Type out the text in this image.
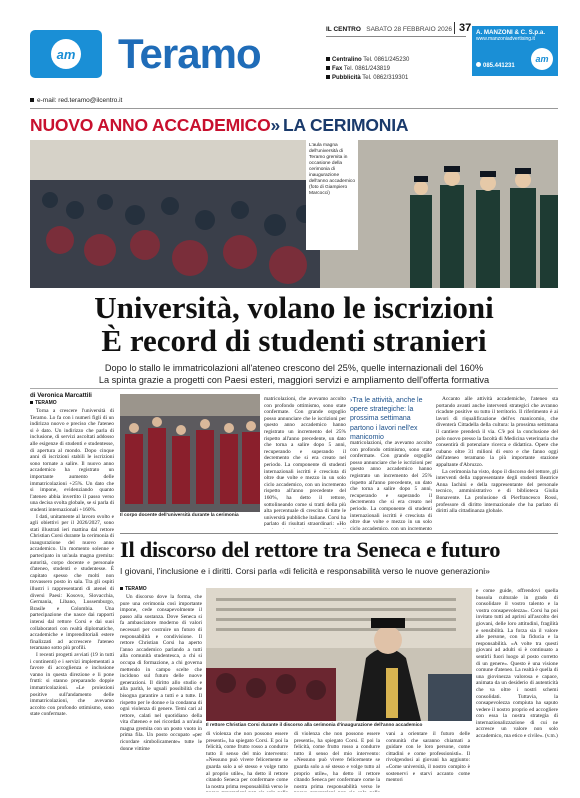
am Teramo
IL CENTRO SABATO 28 FEBBRAIO 2026 37
Centralino Tel. 0861/245230
Fax Tel. 0861/243819
Pubblicità Tel. 0862/319301
A. MANZONI & C. S.p.a.
www.manzoniadvertising.it
am
085.441231
e-mail: red.teramo@ilcentro.it
NUOVO ANNO ACCADEMICO» LA CERIMONIA
L'aula magna dell'università di Teramo gremita in occasione della cerimonia di inaugurazione dell'anno accademico (foto di Giampiero Marcocci)
Università, volano le iscrizioni
È record di studenti stranieri
Dopo lo stallo le immatricolazioni all'ateneo crescono del 25%, quelle internazionali del 160%
La spinta grazie a progetti con Paesi esteri, maggiori servizi e ampliamento dell'offerta formativa
di Veronica Marcattili
TERAMO

Torna a crescere l'università di Teramo. Lo fa con i numeri figli di un indirizzo nuovo e preciso che l'ateneo si è dato. Un indirizzo che parla di inclusione, di servizi ascoltati addosso alle esigenze di studenti e studentesse, di apertura al mondo. Dopo cinque anni di iscrizioni stabili le iscrizioni sono tornate a salire. Il nuovo anno accademico ha registrato un importante aumento delle immatricolazioni +25%. Un dato che si impone, evidenziando quanto l'ateneo abbia invertito il passo verso una decisa svolta globale, se si parla di studenti internazionali +160%.

I dati, unitamente al lavoro svolto e agli obiettivi per il 2026/2027, sono stati illustrati ieri mattina dal rettore Christian Corsi durante la cerimonia di inaugurazione del nuovo anno accademico. Un momento solenne e partecipato in un'aula magna gremita: autorità, corpo docente e personale d'ateneo, studenti e studentesse. È capitato spesso che molti non trovassero posto in sala. Tra gli ospiti illustri i rappresentanti di atenei di diversi Paesi: Kosovo, Slovacchia, Germania, Libano, Lussemburgo, Brasile e Colombia. Una partecipazione che nasce dai rapporti intensi dal rettore Corsi e dai suoi collaboratori con realtà diplomatiche, accademiche e imprenditoriali estere finalizzati ad accrescere l'ateneo teramano sotto più profili.

I recenti progetti avviati (19 in tutti i continenti) e i servizi implementati a favore di accoglienza e inclusione vanno in questa direzione e li pone frutti: si stanno preparando doppie immatricolazioni. «Le proiezioni positive sull'andamento delle immatricolazioni, che avevamo accolto con profondo ottimismo, sono state confermate.

Il corpo docente dell'università durante la cerimonia

matricolazioni, che avevamo accolto con profondo ottimismo, sono state confermate. Con grande orgoglio posso annunciare che le iscrizioni per questo anno accademico hanno registrato un incremento del 25% rispetto all'anno precedente, un dato che torna a salire dopo 5 anni, recuperando e superando il decremento che si era creato nel periodo. La componente di studenti internazionali iscritti è cresciuta di oltre due volte e mezzo in un solo ciclo accademico, con un incremento rispetto all'anno precedente del 160%, ha detto il rettore, sottolineando come si tratti della più alta percentuale di crescita di tutte le università pubbliche italiane. Corsi ha parlato di risultati straordinari: «Ho

›Tra le attività, anche le opere strategiche: la prossima settimana partono i lavori nell'ex manicomio

matricolazioni, che avevamo accolto con profondo ottimismo, sono state confermate. Con grande orgoglio posso annunciare che le iscrizioni per questo anno accademico hanno registrato un incremento del 25% rispetto all'anno precedente, un dato che torna a salire dopo 5 anni, recuperando e superando il decremento che si era creato nel periodo. La componente di studenti internazionali iscritti è cresciuta di oltre due volte e mezzo in un solo ciclo accademico, con un incremento

Accanto alle attività accademiche, l'ateneo sta portando avanti anche interventi strategici che avranno ricadute positive su tutto il territorio. Il riferimento è ai lavori di riqualificazione dell'ex manicomio, che diventerà Cittadella della cultura: la prossima settimana il cantiere prenderà il via. C'è poi la conclusione del polo nuovo presso la facoltà di Medicina veterinaria che consentirà di potenziare ricerca e didattica. Opere che cubano oltre 31 milioni di euro e che fanno oggi dell'ateneo teramano la più importante stazione appaltante d'Abruzzo.

La cerimonia ha visto, dopo il discorso del rettore, gli interventi della rappresentante degli studenti Beatrice Anna Iachini e della rappresentante del personale tecnico, amministrativo e di biblioteca Giulia Bonavente. La prolusione di Pierfrancesco Rossi, professore di diritto internazionale che ha parlato di diritti alla cittadinanza globale.

Il discorso del rettore tra Seneca e futuro
I giovani, l'inclusione e i diritti. Corsi parla «di felicità e responsabilità verso le nuove generazioni»
TERAMO

Un discorso dove la forma, che pure una cerimonia così importante impone, cede consapevolmente il passo alla sostanza. Dove Seneca si fa ambasciatore moderno di valori necessari per costruire un futuro di responsabilità e condivisione. Il rettore Christian Corsi ha aperto l'anno accademico parlando a tutti alla comunità studentesca, a chi si occupa di formazione, a chi governa mettendo in campo scelte che incidono sul futuro delle nuove generazioni. Il diritto allo studio e alla parità, le uguali possibilità che bisogna garantire a tutti e a tutte. Il rispetto per le donne e la condanna di ogni violenza di genere. Temi cari al rettore, calati nel quotidiano della vita d'ateneo e nei ricordati a un'aula magna gremita con un posto vuoto in prima fila. Un posto occupato «per ricordare simbolicamente» tutte le donne vittime

Il rettore Christian Corsi durante il discorso alla cerimonia d'inaugurazione dell'anno accademico

di violenza che non possono essere presenti», ha spiegato Corsi. E poi la felicità, come frutto rosso a condurre tutto il senso del mio intervento: «Nessuno può vivere felicemente se guarda solo a sé stesso e volge tutto al proprio utile», ha detto il rettore citando Seneca per confermare come la nostra prima responsabilità verso le

di violenza che non possono essere presenti», ha spiegato Corsi. E poi la felicità, come frutto rosso a condurre tutto il senso del mio intervento: «Nessuno può vivere felicemente se guarda solo a sé stesso e volge tutto al proprio utile», ha detto il rettore citando Seneca per confermare come la nostra prima responsabilità verso le

vani a orientare il futuro delle comunità che saranno chiamati a guidare con le loro persone, come cittadini e come professionisti». Il rivolgendosi ai giovani ha aggiunto: «Come università, il nostro compito è sostenervi e starvi accanto come mentori

e come guide, offrendovi quella bussola culturale in grado di consolidare il vostro talento e la vostra consapevolezza». Corsi ha poi invitato tutti ad aprirsi all'ascolto dei giovani, delle loro attitudini, fragilità e sensibilità. La forza sia il valore alle persone, con la fiducia e la responsabilità. «A volte tra questi giovani ad adulti si è continuato a sentirli fuori luogo al posto corretto di un genere». Questo è una visione comune d'ateneo. La realtà è quella di una giovinezza valorosa e capace, animata da un desiderio di autenticità che va oltre i nostri schemi consolidati. Tuttavia, la consapevolezza compiuta ha saputo vedere il nostro proprio ed accogliere con essa la nostra strategia di internazionalizzazione di cui ne accresce un valore non solo accademico, ma etico e civile». (v.m.)
